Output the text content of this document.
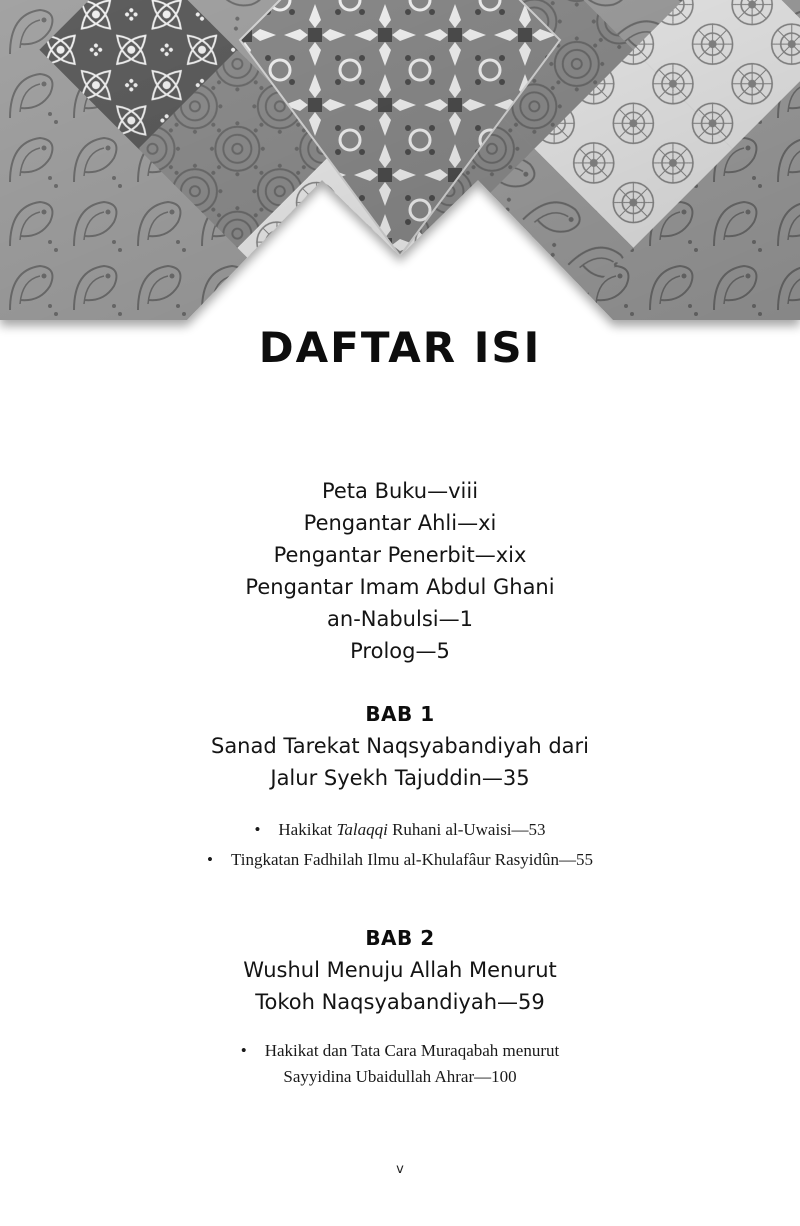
DAFTAR ISI
Peta Buku—viii
Pengantar Ahli—xi
Pengantar Penerbit—xix
Pengantar Imam Abdul Ghani
an-Nabulsi—1
Prolog—5
BAB 1
Sanad Tarekat Naqsyabandiyah dari
Jalur Syekh Tajuddin—35
• Hakikat Talaqqi Ruhani al-Uwaisi—53
• Tingkatan Fadhilah Ilmu al-Khulafâur Rasyidûn—55
BAB 2
Wushul Menuju Allah Menurut
Tokoh Naqsyabandiyah—59
• Hakikat dan Tata Cara Muraqabah menurut
Sayyidina Ubaidullah Ahrar—100
v
